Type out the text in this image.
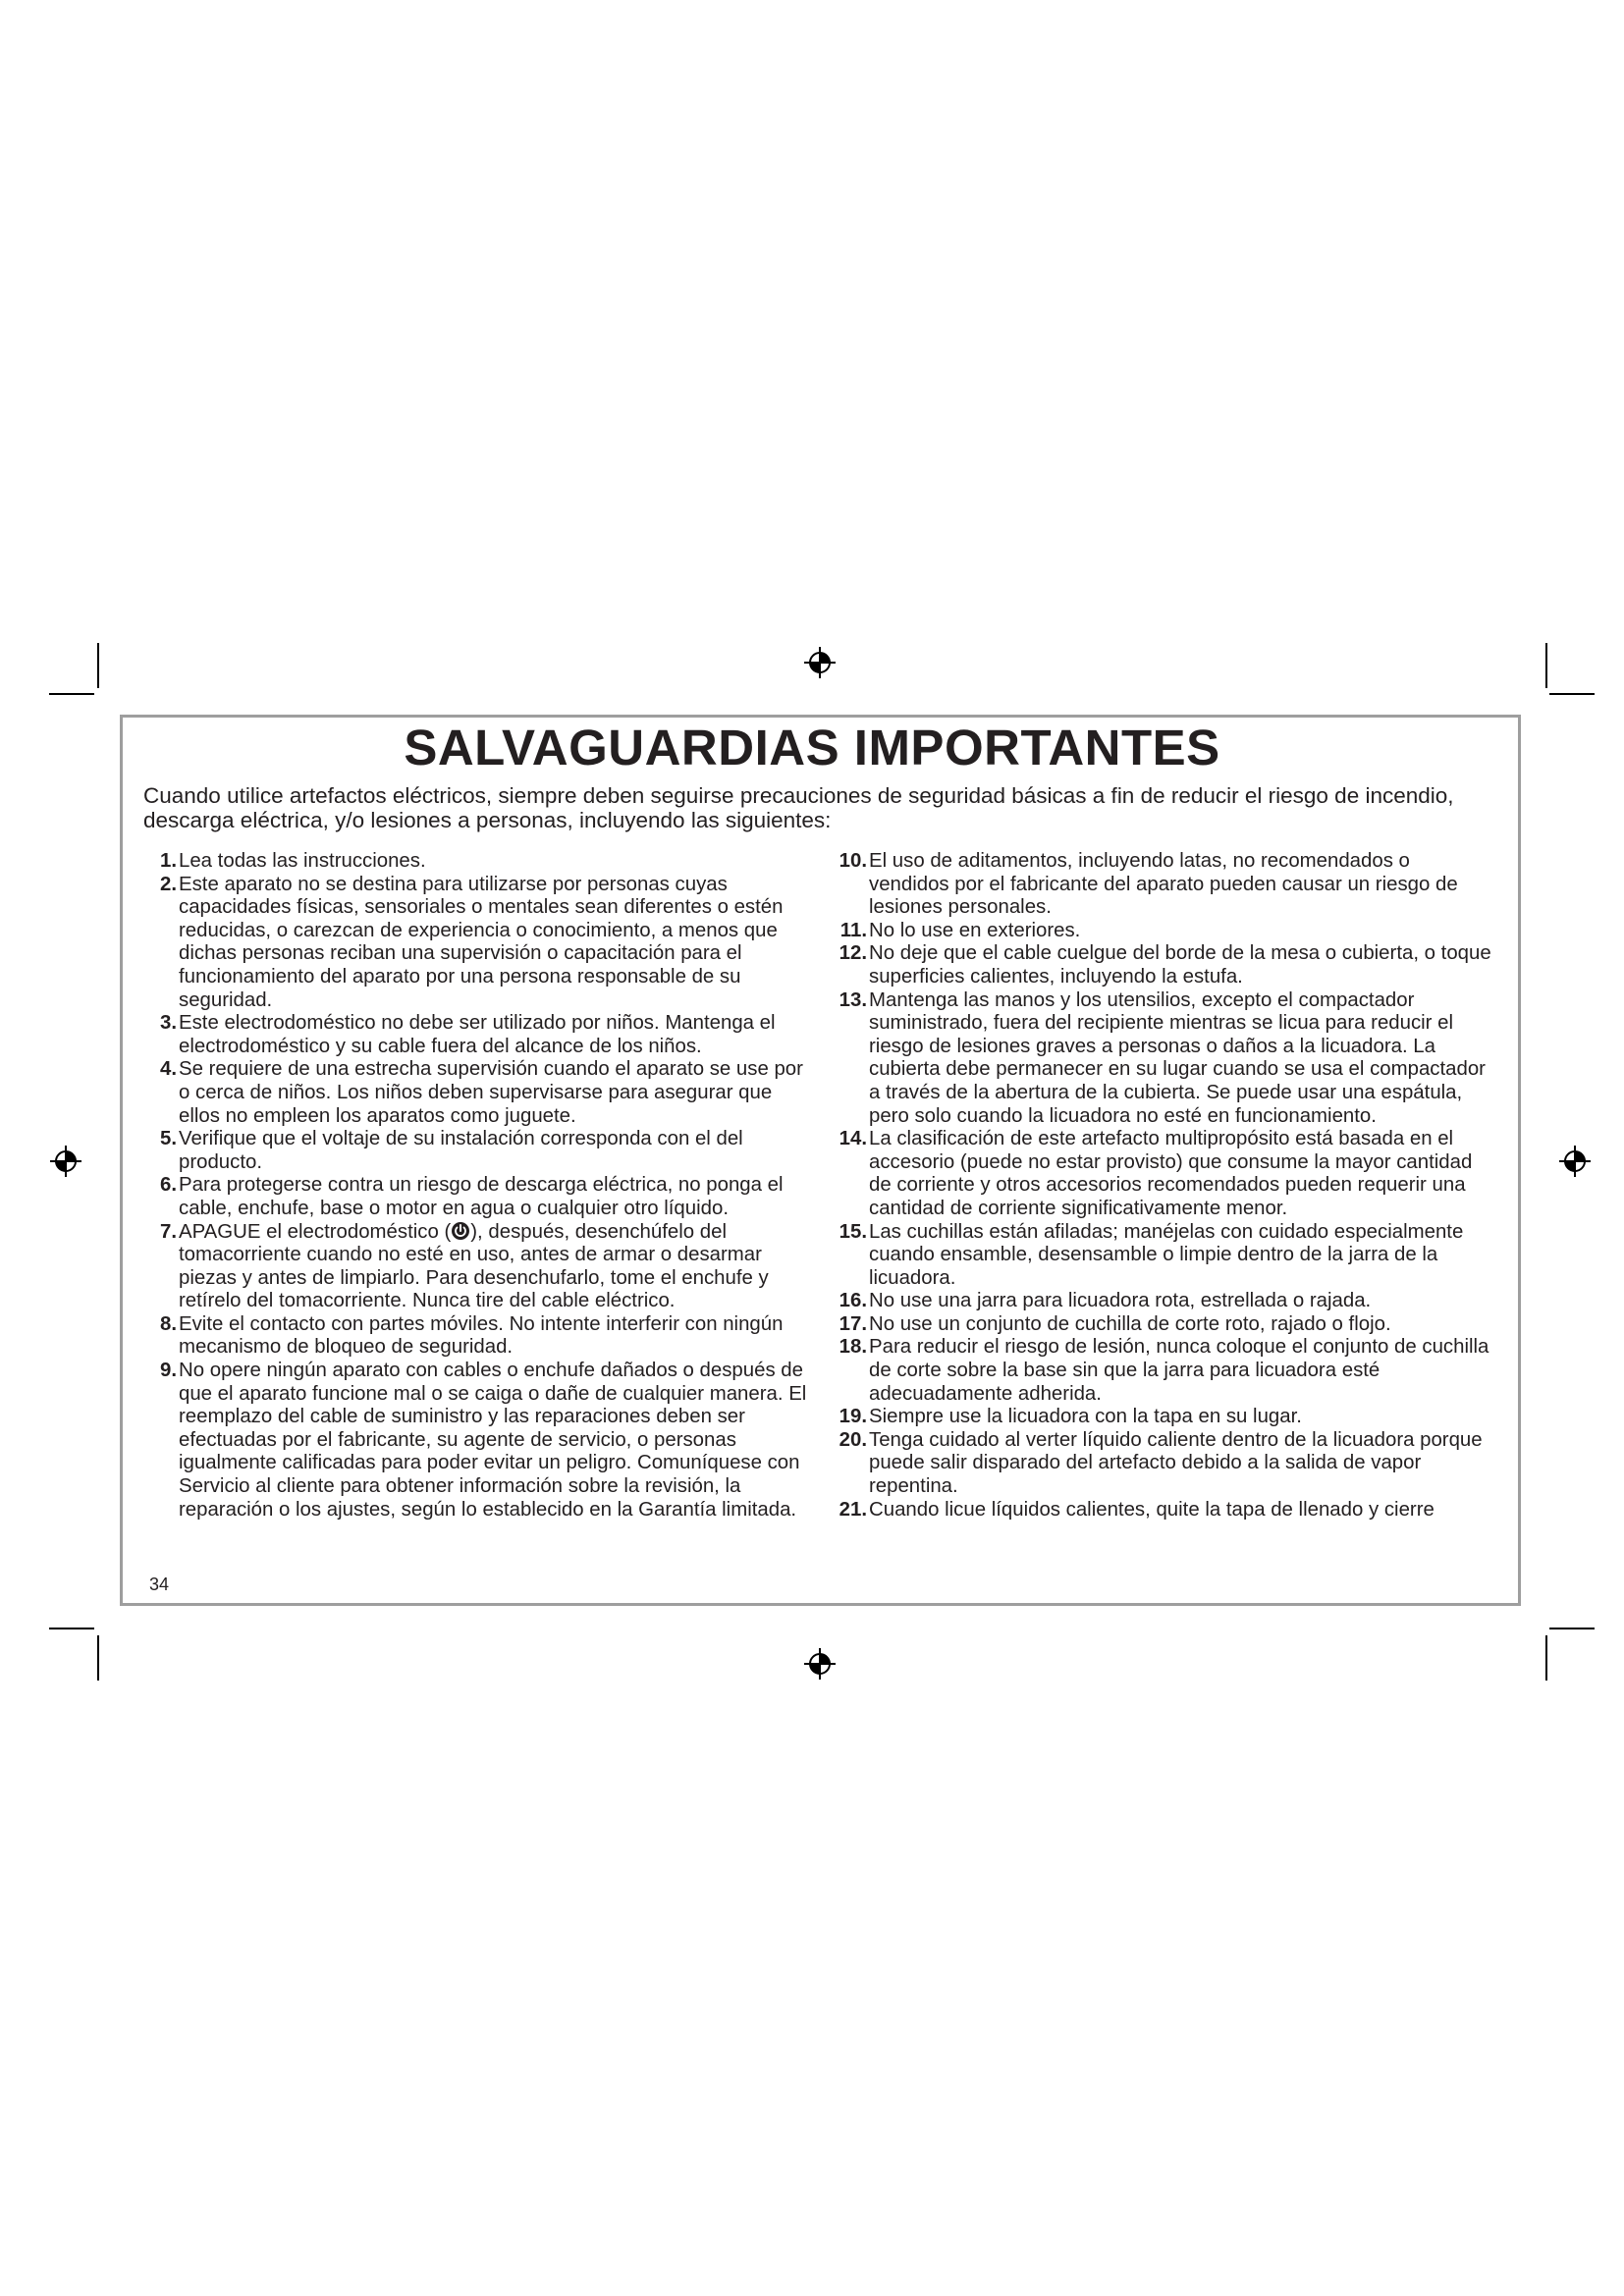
SALVAGUARDIAS IMPORTANTES

Cuando utilice artefactos eléctricos, siempre deben seguirse precauciones de seguridad básicas a fin de reducir el riesgo de incendio, descarga eléctrica, y/o lesiones a personas, incluyendo las siguientes:

1. Lea todas las instrucciones.
2. Este aparato no se destina para utilizarse por personas cuyas capacidades físicas, sensoriales o mentales sean diferentes o estén reducidas, o carezcan de experiencia o conocimiento, a menos que dichas personas reciban una supervisión o capacitación para el funcionamiento del aparato por una persona responsable de su seguridad.
3. Este electrodoméstico no debe ser utilizado por niños. Mantenga el electrodoméstico y su cable fuera del alcance de los niños.
4. Se requiere de una estrecha supervisión cuando el aparato se use por o cerca de niños. Los niños deben supervisarse para asegurar que ellos no empleen los aparatos como juguete.
5. Verifique que el voltaje de su instalación corresponda con el del producto.
6. Para protegerse contra un riesgo de descarga eléctrica, no ponga el cable, enchufe, base o motor en agua o cualquier otro líquido.
7. APAGUE el electrodoméstico ( ), después, desenchúfelo del tomacorriente cuando no esté en uso, antes de armar o desarmar piezas y antes de limpiarlo. Para desenchufarlo, tome el enchufe y retírelo del tomacorriente. Nunca tire del cable eléctrico.
8. Evite el contacto con partes móviles. No intente interferir con ningún mecanismo de bloqueo de seguridad.
9. No opere ningún aparato con cables o enchufe dañados o después de que el aparato funcione mal o se caiga o dañe de cualquier manera. El reemplazo del cable de suministro y las reparaciones deben ser efectuadas por el fabricante, su agente de servicio, o personas igualmente calificadas para poder evitar un peligro. Comuníquese con Servicio al cliente para obtener información sobre la revisión, la reparación o los ajustes, según lo establecido en la Garantía limitada.
10. El uso de aditamentos, incluyendo latas, no recomendados o vendidos por el fabricante del aparato pueden causar un riesgo de lesiones personales.
11. No lo use en exteriores.
12. No deje que el cable cuelgue del borde de la mesa o cubierta, o toque superficies calientes, incluyendo la estufa.
13. Mantenga las manos y los utensilios, excepto el compactador suministrado, fuera del recipiente mientras se licua para reducir el riesgo de lesiones graves a personas o daños a la licuadora. La cubierta debe permanecer en su lugar cuando se usa el compactador a través de la abertura de la cubierta. Se puede usar una espátula, pero solo cuando la licuadora no esté en funcionamiento.
14. La clasificación de este artefacto multipropósito está basada en el accesorio (puede no estar provisto) que consume la mayor cantidad de corriente y otros accesorios recomendados pueden requerir una cantidad de corriente significativamente menor.
15. Las cuchillas están afiladas; manéjelas con cuidado especialmente cuando ensamble, desensamble o limpie dentro de la jarra de la licuadora.
16. No use una jarra para licuadora rota, estrellada o rajada.
17. No use un conjunto de cuchilla de corte roto, rajado o flojo.
18. Para reducir el riesgo de lesión, nunca coloque el conjunto de cuchilla de corte sobre la base sin que la jarra para licuadora esté adecuadamente adherida.
19. Siempre use la licuadora con la tapa en su lugar.
20. Tenga cuidado al verter líquido caliente dentro de la licuadora porque puede salir disparado del artefacto debido a la salida de vapor repentina.
21. Cuando licue líquidos calientes, quite la tapa de llenado y cierre
34
